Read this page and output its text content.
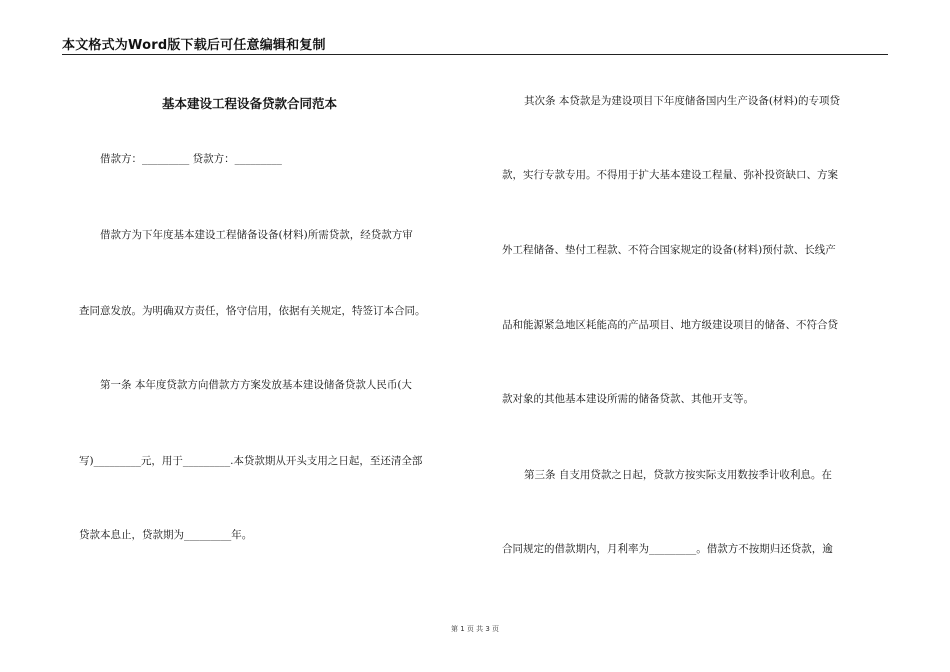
本文格式为Word版下载后可任意编辑和复制
基本建设工程设备贷款合同范本
借款方：_________ 贷款方：_________
借款方为下年度基本建设工程储备设备(材料)所需贷款，经贷款方审
查同意发放。为明确双方责任，恪守信用，依据有关规定，特签订本合同。
第一条 本年度贷款方向借款方方案发放基本建设储备贷款人民币(大
写)_________元，用于_________.本贷款期从开头支用之日起，至还清全部
贷款本息止，贷款期为_________年。
其次条 本贷款是为建设项目下年度储备国内生产设备(材料)的专项贷
款，实行专款专用。不得用于扩大基本建设工程量、弥补投资缺口、方案
外工程储备、垫付工程款、不符合国家规定的设备(材料)预付款、长线产
品和能源紧急地区耗能高的产品项目、地方级建设项目的储备、不符合贷
款对象的其他基本建设所需的储备贷款、其他开支等。
第三条 自支用贷款之日起，贷款方按实际支用数按季计收利息。在
合同规定的借款期内，月利率为_________。借款方不按期归还贷款，逾
第 1 页 共 3 页
